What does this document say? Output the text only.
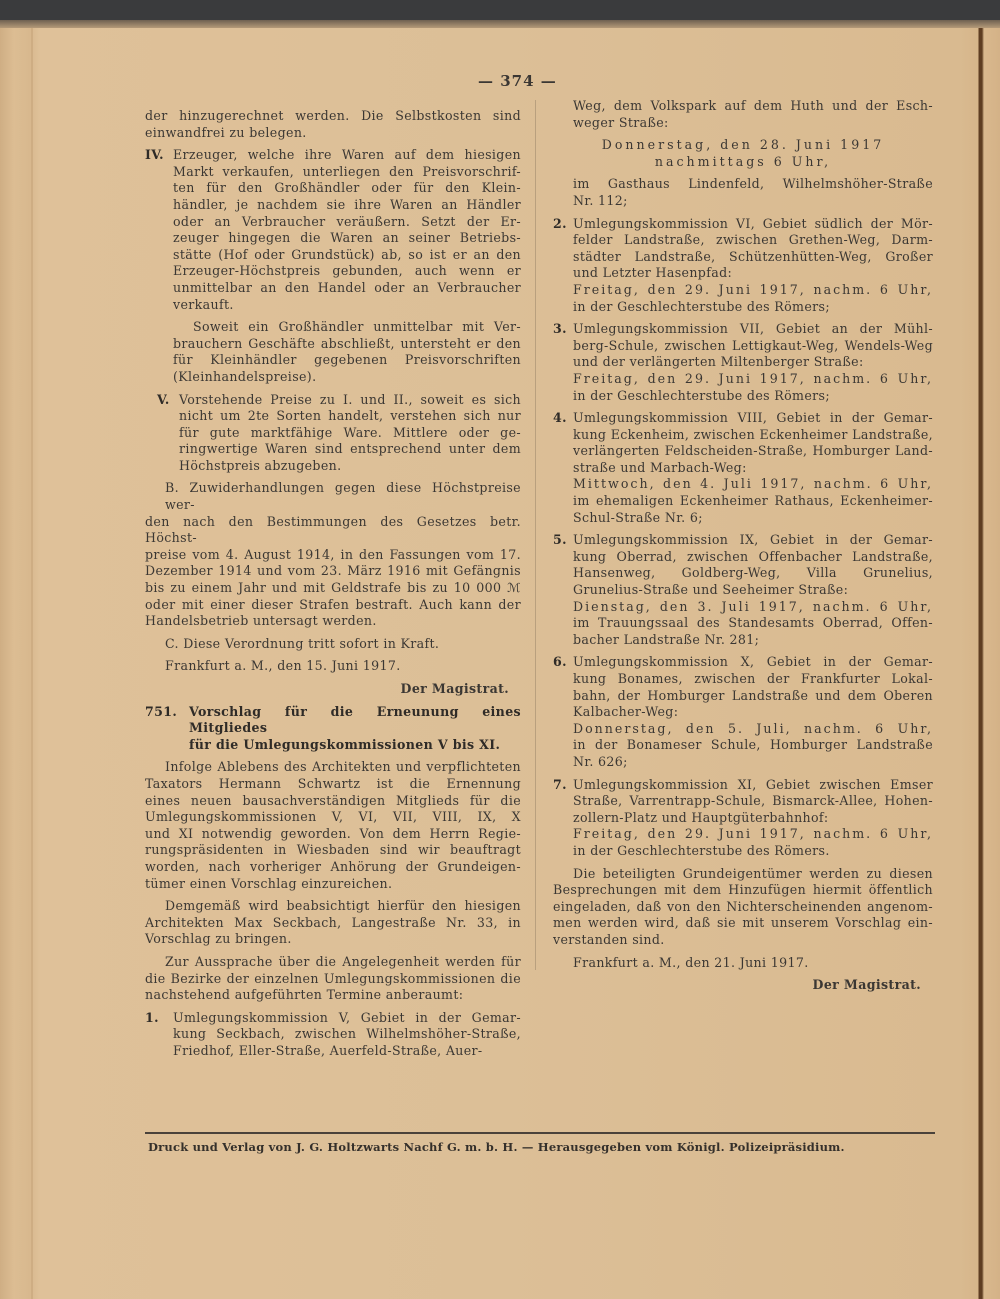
— 374 —
der hinzugerechnet werden. Die Selbstkosten sind
einwandfrei zu belegen.
IV. Erzeuger, welche ihre Waren auf dem hiesigen
Markt verkaufen, unterliegen den Preisvorschrif-
ten für den Großhändler oder für den Klein-
händler, je nachdem sie ihre Waren an Händler
oder an Verbraucher veräußern. Setzt der Er-
zeuger hingegen die Waren an seiner Betriebs-
stätte (Hof oder Grundstück) ab, so ist er an den
Erzeuger-Höchstpreis gebunden, auch wenn er
unmittelbar an den Handel oder an Verbraucher
verkauft.
Soweit ein Großhändler unmittelbar mit Ver-
brauchern Geschäfte abschließt, untersteht er den
für Kleinhändler gegebenen Preisvorschriften
(Kleinhandelspreise).
V. Vorstehende Preise zu I. und II., soweit es sich
nicht um 2te Sorten handelt, verstehen sich nur
für gute marktfähige Ware. Mittlere oder ge-
ringwertige Waren sind entsprechend unter dem
Höchstpreis abzugeben.
B. Zuwiderhandlungen gegen diese Höchstpreise wer-
den nach den Bestimmungen des Gesetzes betr. Höchst-
preise vom 4. August 1914, in den Fassungen vom 17.
Dezember 1914 und vom 23. März 1916 mit Gefängnis
bis zu einem Jahr und mit Geldstrafe bis zu 10 000 ℳ
oder mit einer dieser Strafen bestraft. Auch kann der
Handelsbetrieb untersagt werden.
C. Diese Verordnung tritt sofort in Kraft.
Frankfurt a. M., den 15. Juni 1917.
Der Magistrat.
751. Vorschlag für die Erneunung eines Mitgliedes
für die Umlegungskommissionen V bis XI.
Infolge Ablebens des Architekten und verpflichteten
Taxators Hermann Schwartz ist die Ernennung
eines neuen bausachverständigen Mitglieds für die
Umlegungskommissionen V, VI, VII, VIII, IX, X
und XI notwendig geworden. Von dem Herrn Regie-
rungspräsidenten in Wiesbaden sind wir beauftragt
worden, nach vorheriger Anhörung der Grundeigen-
tümer einen Vorschlag einzureichen.
Demgemäß wird beabsichtigt hierfür den hiesigen
Architekten Max Seckbach, Langestraße Nr. 33, in
Vorschlag zu bringen.
Zur Aussprache über die Angelegenheit werden für
die Bezirke der einzelnen Umlegungskommissionen die
nachstehend aufgeführten Termine anberaumt:
1. Umlegungskommission V, Gebiet in der Gemar-
kung Seckbach, zwischen Wilhelmshöher-Straße,
Friedhof, Eller-Straße, Auerfeld-Straße, Auer-
Weg, dem Volkspark auf dem Huth und der Esch-
weger Straße:
Donnerstag, den 28. Juni 1917
nachmittags 6 Uhr,
im Gasthaus Lindenfeld, Wilhelmshöher-Straße
Nr. 112;
2. Umlegungskommission VI, Gebiet südlich der Mör-
felder Landstraße, zwischen Grethen-Weg, Darm-
städter Landstraße, Schützenhütten-Weg, Großer
und Letzter Hasenpfad:
Freitag, den 29. Juni 1917, nachm. 6 Uhr,
in der Geschlechterstube des Römers;
3. Umlegungskommission VII, Gebiet an der Mühl-
berg-Schule, zwischen Lettigkaut-Weg, Wendels-Weg
und der verlängerten Miltenberger Straße:
Freitag, den 29. Juni 1917, nachm. 6 Uhr,
in der Geschlechterstube des Römers;
4. Umlegungskommission VIII, Gebiet in der Gemar-
kung Eckenheim, zwischen Eckenheimer Landstraße,
verlängerten Feldscheiden-Straße, Homburger Land-
straße und Marbach-Weg:
Mittwoch, den 4. Juli 1917, nachm. 6 Uhr,
im ehemaligen Eckenheimer Rathaus, Eckenheimer-
Schul-Straße Nr. 6;
5. Umlegungskommission IX, Gebiet in der Gemar-
kung Oberrad, zwischen Offenbacher Landstraße,
Hansenweg, Goldberg-Weg, Villa Grunelius,
Grunelius-Straße und Seeheimer Straße:
Dienstag, den 3. Juli 1917, nachm. 6 Uhr,
im Trauungssaal des Standesamts Oberrad, Offen-
bacher Landstraße Nr. 281;
6. Umlegungskommission X, Gebiet in der Gemar-
kung Bonames, zwischen der Frankfurter Lokal-
bahn, der Homburger Landstraße und dem Oberen
Kalbacher-Weg:
Donnerstag, den 5. Juli, nachm. 6 Uhr,
in der Bonameser Schule, Homburger Landstraße
Nr. 626;
7. Umlegungskommission XI, Gebiet zwischen Emser
Straße, Varrentrapp-Schule, Bismarck-Allee, Hohen-
zollern-Platz und Hauptgüterbahnhof:
Freitag, den 29. Juni 1917, nachm. 6 Uhr,
in der Geschlechterstube des Römers.
Die beteiligten Grundeigentümer werden zu diesen
Besprechungen mit dem Hinzufügen hiermit öffentlich
eingeladen, daß von den Nichterscheinenden angenom-
men werden wird, daß sie mit unserem Vorschlag ein-
verstanden sind.
Frankfurt a. M., den 21. Juni 1917.
Der Magistrat.
Druck und Verlag von J. G. Holtzwarts Nachf G. m. b. H. — Herausgegeben vom Königl. Polizeipräsidium.
